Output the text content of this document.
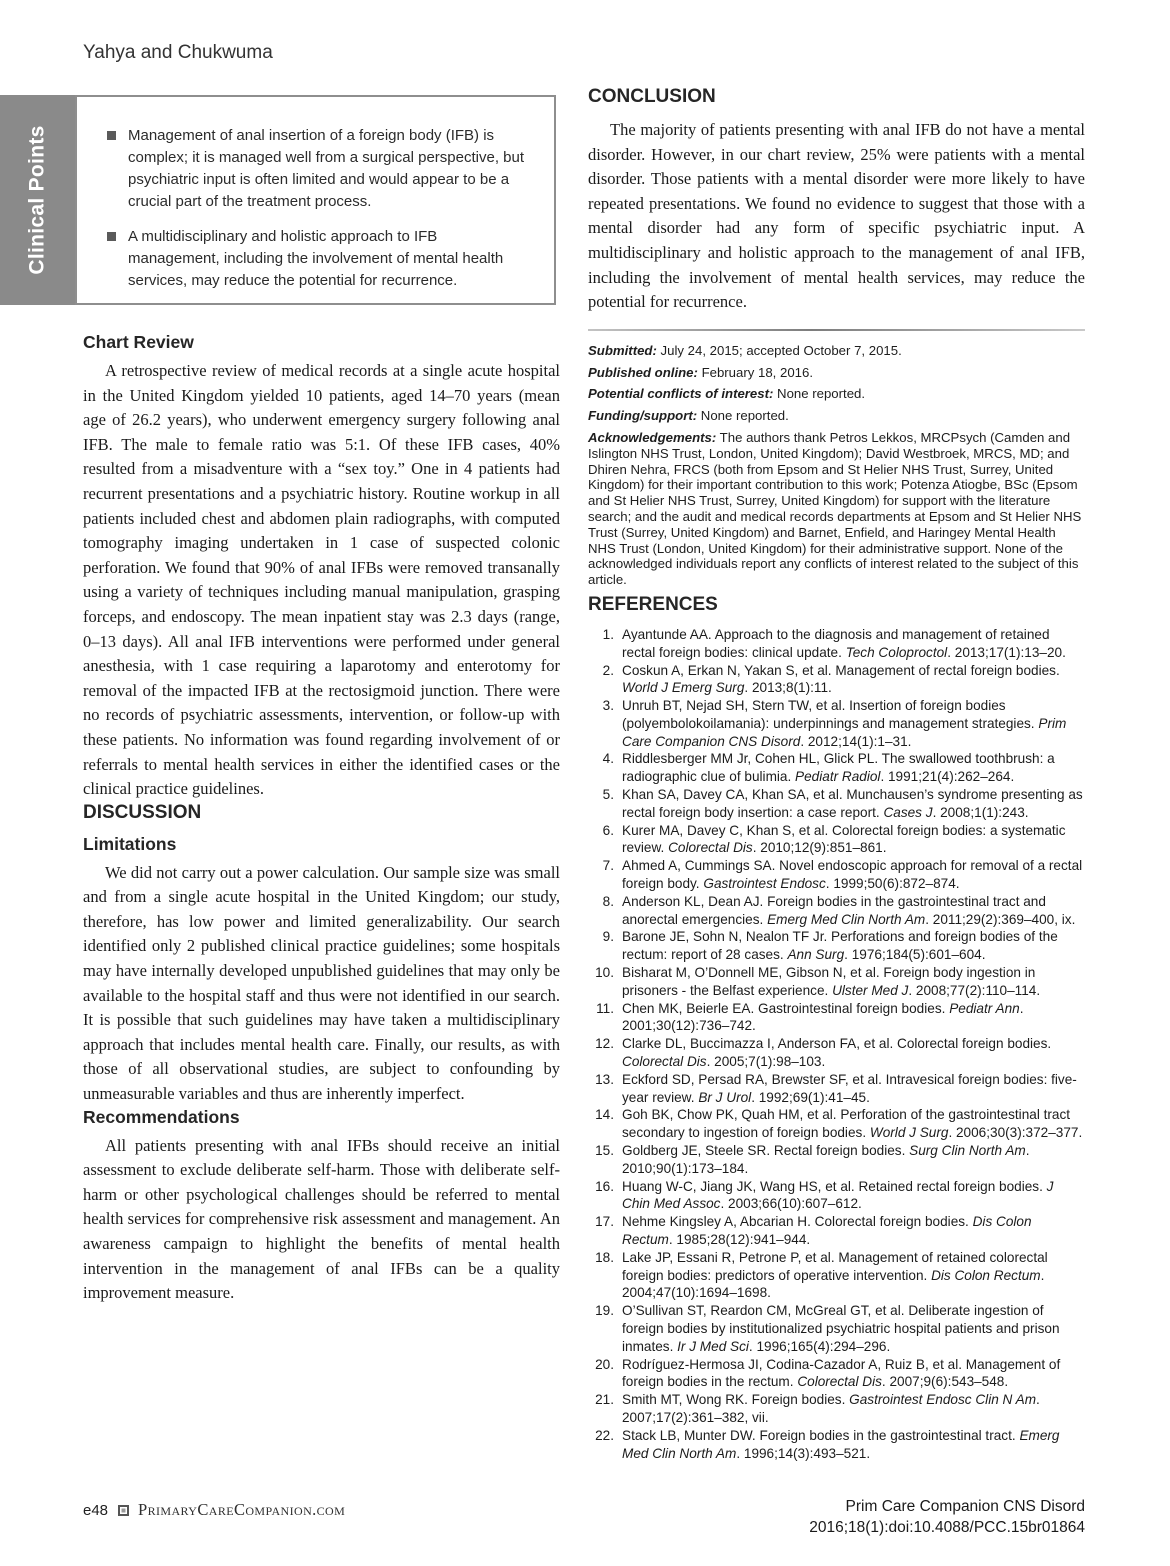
Yahya and Chukwuma
Clinical Points	Management of anal insertion of a foreign body (IFB) is complex; it is managed well from a surgical perspective, but psychiatric input is often limited and would appear to be a crucial part of the treatment process.
A multidisciplinary and holistic approach to IFB management, including the involvement of mental health services, may reduce the potential for recurrence.
Chart Review

A retrospective review of medical records at a single acute hospital in the United Kingdom yielded 10 patients, aged 14–70 years (mean age of 26.2 years), who underwent emergency surgery following anal IFB. The male to female ratio was 5:1. Of these IFB cases, 40% resulted from a misadventure with a “sex toy.” One in 4 patients had recurrent presentations and a psychiatric history. Routine workup in all patients included chest and abdomen plain radiographs, with computed tomography imaging undertaken in 1 case of suspected colonic perforation. We found that 90% of anal IFBs were removed transanally using a variety of techniques including manual manipulation, grasping forceps, and endoscopy. The mean inpatient stay was 2.3 days (range, 0–13 days). All anal IFB interventions were performed under general anesthesia, with 1 case requiring a laparotomy and enterotomy for removal of the impacted IFB at the rectosigmoid junction. There were no records of psychiatric assessments, intervention, or follow-up with these patients. No information was found regarding involvement of or referrals to mental health services in either the identified cases or the clinical practice guidelines.

DISCUSSION
Limitations

We did not carry out a power calculation. Our sample size was small and from a single acute hospital in the United Kingdom; our study, therefore, has low power and limited generalizability. Our search identified only 2 published clinical practice guidelines; some hospitals may have internally developed unpublished guidelines that may only be available to the hospital staff and thus were not identified in our search. It is possible that such guidelines may have taken a multidisciplinary approach that includes mental health care. Finally, our results, as with those of all observational studies, are subject to confounding by unmeasurable variables and thus are inherently imperfect.

Recommendations

All patients presenting with anal IFBs should receive an initial assessment to exclude deliberate self-harm. Those with deliberate self-harm or other psychological challenges should be referred to mental health services for comprehensive risk assessment and management. An awareness campaign to highlight the benefits of mental health intervention in the management of anal IFBs can be a quality improvement measure.

CONCLUSION

The majority of patients presenting with anal IFB do not have a mental disorder. However, in our chart review, 25% were patients with a mental disorder. Those patients with a mental disorder were more likely to have repeated presentations. We found no evidence to suggest that those with a mental disorder had any form of specific psychiatric input. A multidisciplinary and holistic approach to the management of anal IFB, including the involvement of mental health services, may reduce the potential for recurrence.

Submitted: July 24, 2015; accepted October 7, 2015.

Published online: February 18, 2016.

Potential conflicts of interest: None reported.

Funding/support: None reported.

Acknowledgements: The authors thank Petros Lekkos, MRCPsych (Camden and Islington NHS Trust, London, United Kingdom); David Westbroek, MRCS, MD; and Dhiren Nehra, FRCS (both from Epsom and St Helier NHS Trust, Surrey, United Kingdom) for their important contribution to this work; Potenza Atiogbe, BSc (Epsom and St Helier NHS Trust, Surrey, United Kingdom) for support with the literature search; and the audit and medical records departments at Epsom and St Helier NHS Trust (Surrey, United Kingdom) and Barnet, Enfield, and Haringey Mental Health NHS Trust (London, United Kingdom) for their administrative support. None of the acknowledged individuals report any conflicts of interest related to the subject of this article.

REFERENCES
1. Ayantunde AA. Approach to the diagnosis and management of retained rectal foreign bodies: clinical update. Tech Coloproctol. 2013;17(1):13–20.
2. Coskun A, Erkan N, Yakan S, et al. Management of rectal foreign bodies. World J Emerg Surg. 2013;8(1):11.
3. Unruh BT, Nejad SH, Stern TW, et al. Insertion of foreign bodies (polyembolokoilamania): underpinnings and management strategies. Prim Care Companion CNS Disord. 2012;14(1):1–31.
4. Riddlesberger MM Jr, Cohen HL, Glick PL. The swallowed toothbrush: a radiographic clue of bulimia. Pediatr Radiol. 1991;21(4):262–264.
5. Khan SA, Davey CA, Khan SA, et al. Munchausen’s syndrome presenting as rectal foreign body insertion: a case report. Cases J. 2008;1(1):243.
6. Kurer MA, Davey C, Khan S, et al. Colorectal foreign bodies: a systematic review. Colorectal Dis. 2010;12(9):851–861.
7. Ahmed A, Cummings SA. Novel endoscopic approach for removal of a rectal foreign body. Gastrointest Endosc. 1999;50(6):872–874.
8. Anderson KL, Dean AJ. Foreign bodies in the gastrointestinal tract and anorectal emergencies. Emerg Med Clin North Am. 2011;29(2):369–400, ix.
9. Barone JE, Sohn N, Nealon TF Jr. Perforations and foreign bodies of the rectum: report of 28 cases. Ann Surg. 1976;184(5):601–604.
10. Bisharat M, O’Donnell ME, Gibson N, et al. Foreign body ingestion in prisoners - the Belfast experience. Ulster Med J. 2008;77(2):110–114.
11. Chen MK, Beierle EA. Gastrointestinal foreign bodies. Pediatr Ann. 2001;30(12):736–742.
12. Clarke DL, Buccimazza I, Anderson FA, et al. Colorectal foreign bodies. Colorectal Dis. 2005;7(1):98–103.
13. Eckford SD, Persad RA, Brewster SF, et al. Intravesical foreign bodies: five-year review. Br J Urol. 1992;69(1):41–45.
14. Goh BK, Chow PK, Quah HM, et al. Perforation of the gastrointestinal tract secondary to ingestion of foreign bodies. World J Surg. 2006;30(3):372–377.
15. Goldberg JE, Steele SR. Rectal foreign bodies. Surg Clin North Am. 2010;90(1):173–184.
16. Huang W-C, Jiang JK, Wang HS, et al. Retained rectal foreign bodies. J Chin Med Assoc. 2003;66(10):607–612.
17. Nehme Kingsley A, Abcarian H. Colorectal foreign bodies. Dis Colon Rectum. 1985;28(12):941–944.
18. Lake JP, Essani R, Petrone P, et al. Management of retained colorectal foreign bodies: predictors of operative intervention. Dis Colon Rectum. 2004;47(10):1694–1698.
19. O’Sullivan ST, Reardon CM, McGreal GT, et al. Deliberate ingestion of foreign bodies by institutionalized psychiatric hospital patients and prison inmates. Ir J Med Sci. 1996;165(4):294–296.
20. Rodríguez-Hermosa JI, Codina-Cazador A, Ruiz B, et al. Management of foreign bodies in the rectum. Colorectal Dis. 2007;9(6):543–548.
21. Smith MT, Wong RK. Foreign bodies. Gastrointest Endosc Clin N Am. 2007;17(2):361–382, vii.
22. Stack LB, Munter DW. Foreign bodies in the gastrointestinal tract. Emerg Med Clin North Am. 1996;14(3):493–521.
e48 PrimaryCareCompanion.com	Prim Care Companion CNS Disord
2016;18(1):doi:10.4088/PCC.15br01864
